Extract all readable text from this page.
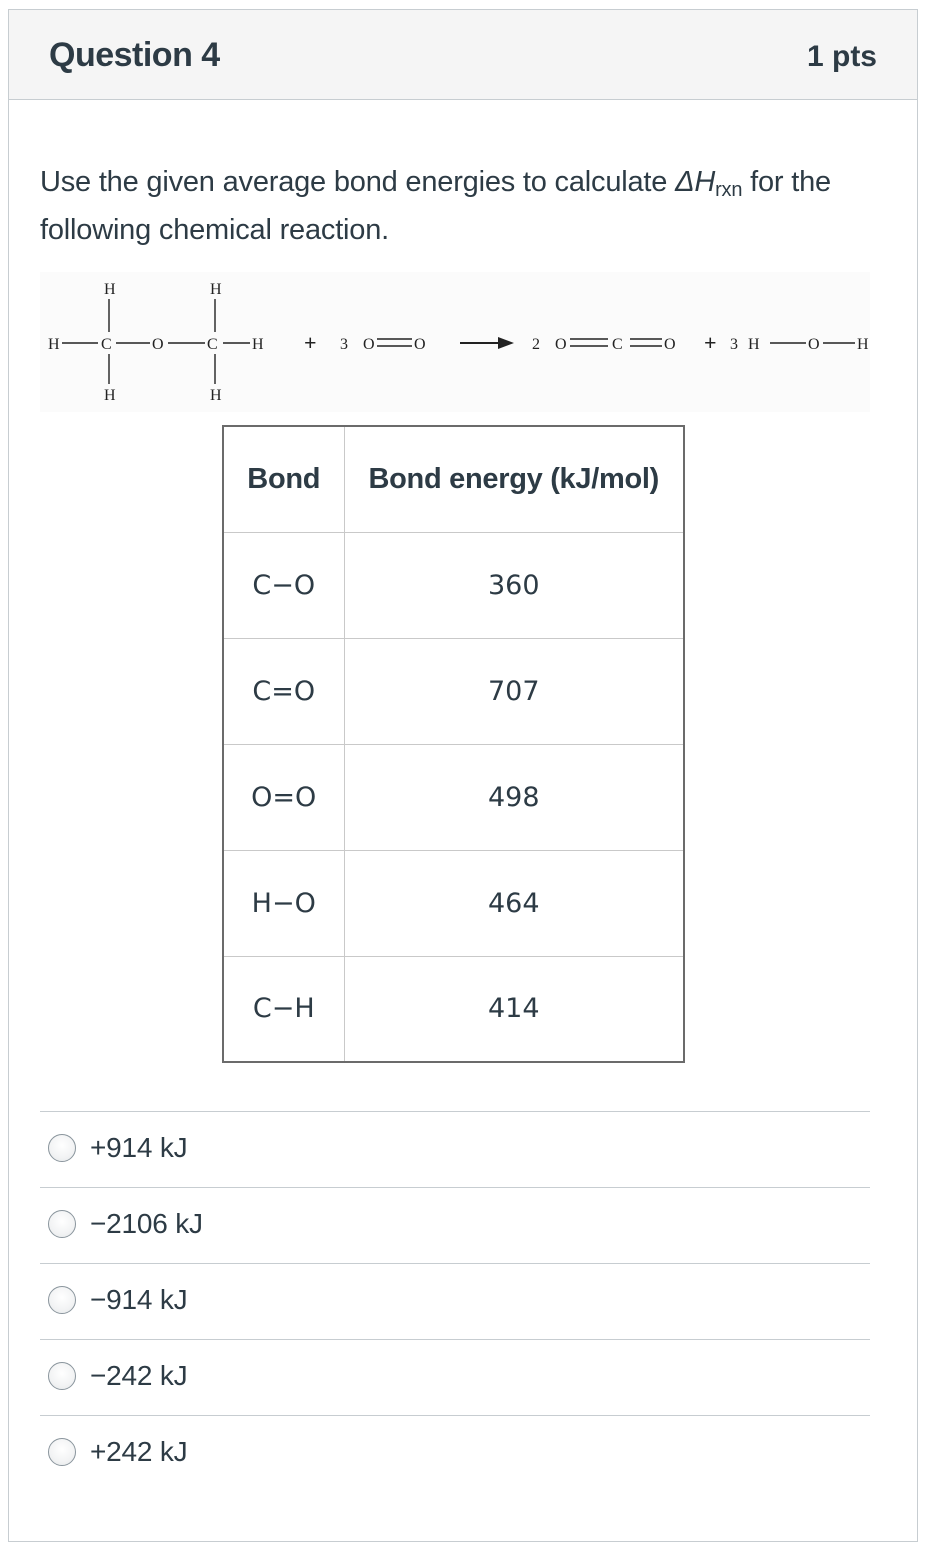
Question 4	1 pts
Use the given average bond energies to calculate $\Delta H_{rxn}$ for the following chemical reaction.
H	C	O	C H
H
H
H
H
3 O O	2 O	C	O	3 H	O H
+	+
Bond	Bond energy (kJ/mol)
C−O	360
C=O	707
O=O	498
H−O	464
C−H	414
+914 kJ
−2106 kJ
−914 kJ
−242 kJ
+242 kJ
